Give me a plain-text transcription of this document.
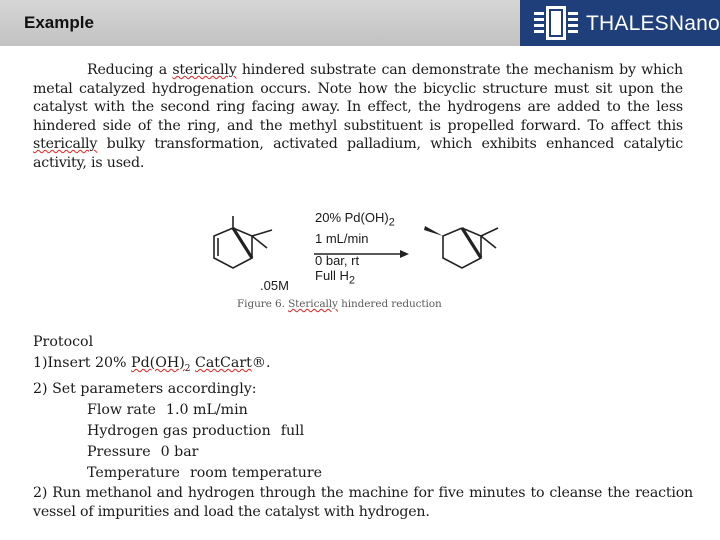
Example	THALESNano
Reducing a sterically hindered substrate can demonstrate the mechanism by which metal catalyzed hydrogenation occurs. Note how the bicyclic structure must sit upon the catalyst with the second ring facing away. In effect, the hydrogens are added to the less hindered side of the ring, and the methyl substituent is propelled forward. To affect this sterically bulky transformation, activated palladium, which exhibits enhanced catalytic activity, is used.
.05M
20% $Pd(OH)_2$
1 mL/min
0 bar, rt
Full $H_2$
Figure 6. Sterically hindered reduction
Protocol
1)Insert 20% $Pd(OH)_2$ CatCart®.
2) Set parameters accordingly:
Flow rate 1.0 mL/min
Hydrogen gas production full
Pressure 0 bar
Temperature room temperature
2) Run methanol and hydrogen through the machine for five minutes to cleanse the reaction vessel of impurities and load the catalyst with hydrogen.
